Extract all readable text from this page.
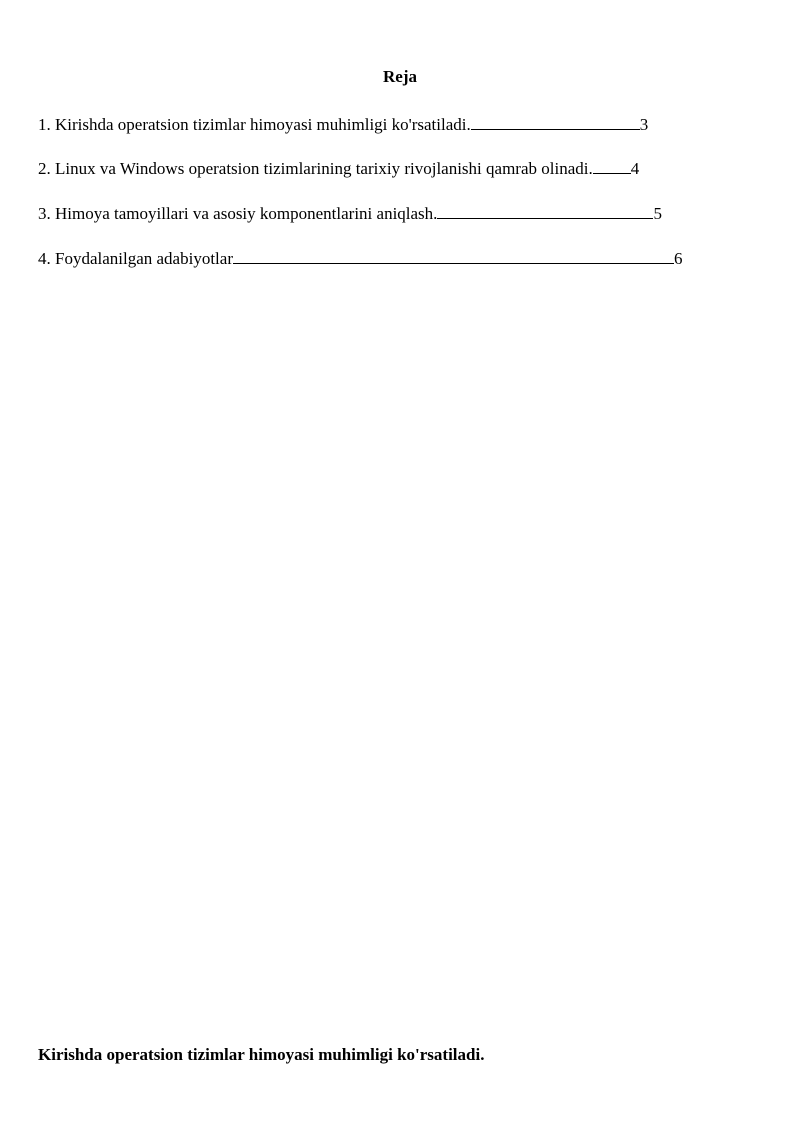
Reja
1. Kirishda operatsion tizimlar himoyasi muhimligi ko'rsatiladi.	3
2. Linux va Windows operatsion tizimlarining tarixiy rivojlanishi qamrab olinadi. 4
3. Himoya tamoyillari va asosiy komponentlarini aniqlash.	5
4. Foydalanilgan adabiyotlar	6
Kirishda operatsion tizimlar himoyasi muhimligi ko'rsatiladi.
